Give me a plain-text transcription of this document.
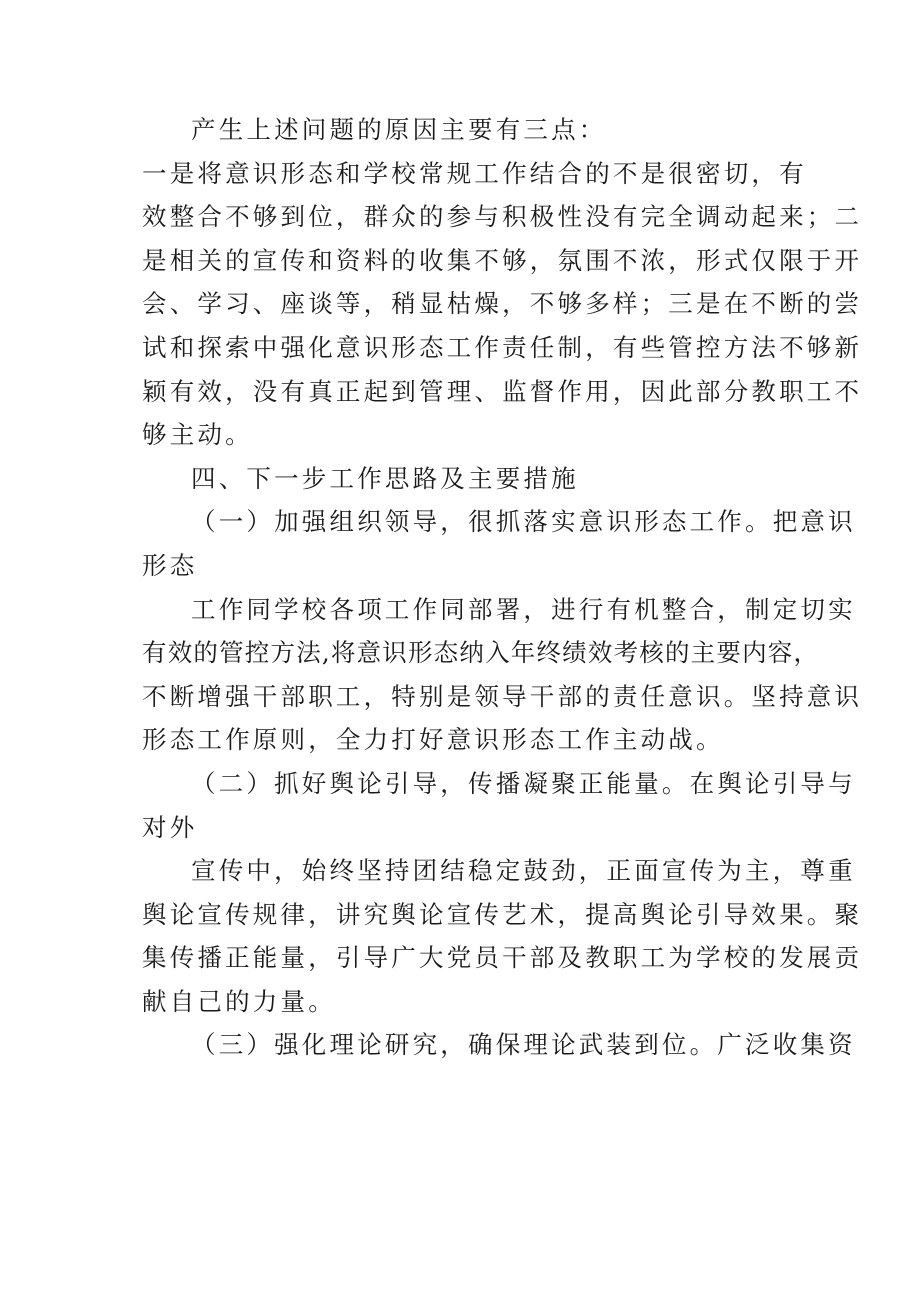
产生上述问题的原因主要有三点：

一是将意识形态和学校常规工作结合的不是很密切，有
效整合不够到位，群众的参与积极性没有完全调动起来；二
是相关的宣传和资料的收集不够，氛围不浓，形式仅限于开
会、学习、座谈等，稍显枯燥，不够多样；三是在不断的尝
试和探索中强化意识形态工作责任制，有些管控方法不够新
颖有效，没有真正起到管理、监督作用，因此部分教职工不
够主动。

四、下一步工作思路及主要措施

（一）加强组织领导，很抓落实意识形态工作。把意识
形态

工作同学校各项工作同部署，进行有机整合，制定切实
有效的管控方法,将意识形态纳入年终绩效考核的主要内容，
不断增强干部职工，特别是领导干部的责任意识。坚持意识
形态工作原则，全力打好意识形态工作主动战。

（二）抓好舆论引导，传播凝聚正能量。在舆论引导与
对外

宣传中，始终坚持团结稳定鼓劲，正面宣传为主，尊重
舆论宣传规律，讲究舆论宣传艺术，提高舆论引导效果。聚
集传播正能量，引导广大党员干部及教职工为学校的发展贡
献自己的力量。

（三）强化理论研究，确保理论武装到位。广泛收集资
